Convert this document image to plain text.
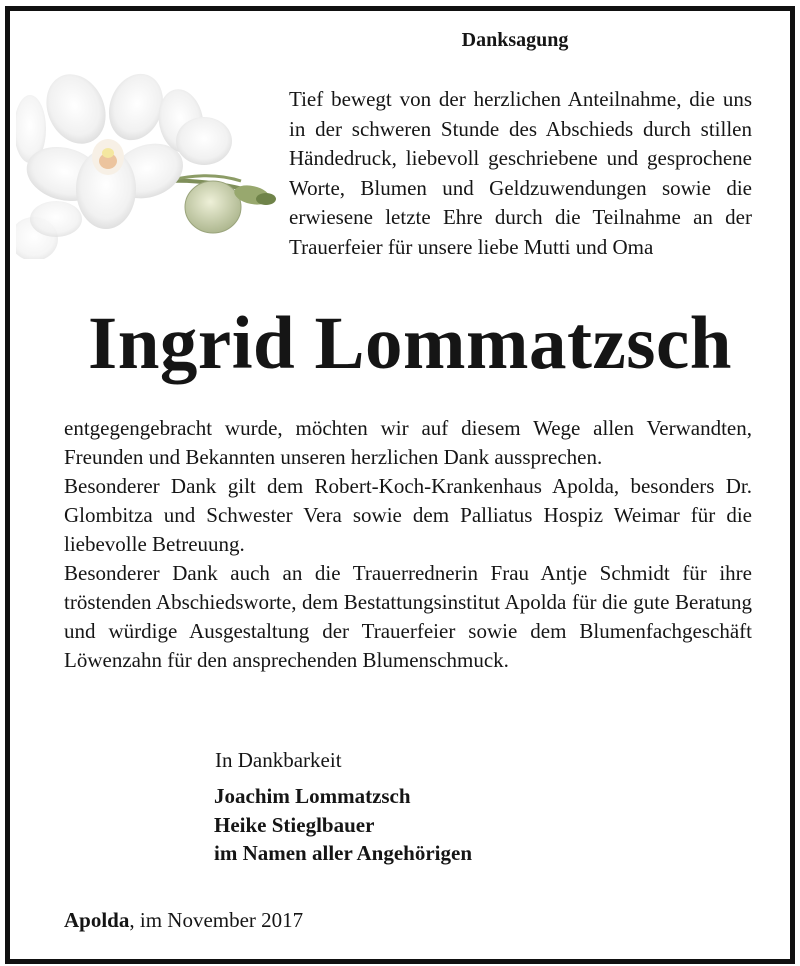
Danksagung
Tief bewegt von der herzlichen Anteilnahme, die uns in der schweren Stunde des Abschieds durch stillen Händedruck, liebevoll geschriebene und gesprochene Worte, Blumen und Geldzuwendungen sowie die erwiesene letzte Ehre durch die Teilnahme an der Trauerfeier für unsere liebe Mutti und Oma
Ingrid Lommatzsch

entgegengebracht wurde, möchten wir auf diesem Wege allen Verwandten, Freunden und Bekannten unseren herzlichen Dank aussprechen.

Besonderer Dank gilt dem Robert-Koch-Krankenhaus Apolda, besonders Dr. Glombitza und Schwester Vera sowie dem Palliatus Hospiz Weimar für die liebevolle Betreuung.

Besonderer Dank auch an die Trauerrednerin Frau Antje Schmidt für ihre tröstenden Abschiedsworte, dem Bestattungsinstitut Apolda für die gute Beratung und würdige Ausgestaltung der Trauerfeier sowie dem Blumenfachgeschäft Löwenzahn für den ansprechenden Blumenschmuck.

In Dankbarkeit
Joachim Lommatzsch
Heike Stieglbauer
im Namen aller Angehörigen
Apolda, im November 2017
